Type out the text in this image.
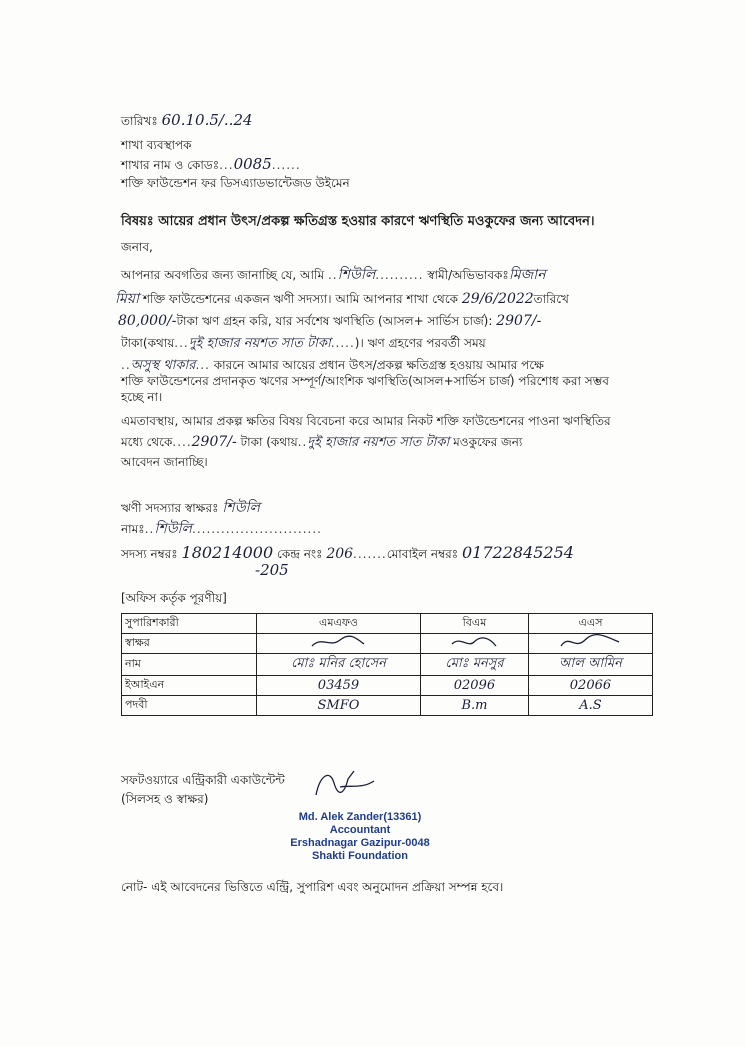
তারিখঃ 60.10.5/..24
শাখা ব্যবস্থাপক
শাখার নাম ও কোডঃ...0085......
শক্তি ফাউন্ডেশন ফর ডিসএ্যাডভান্টেজড উইমেন
বিষয়ঃ আয়ের প্রধান উৎস/প্রকল্প ক্ষতিগ্রস্ত হওয়ার কারণে ঋণস্থিতি মওকুফের জন্য আবেদন।
জনাব,
আপনার অবগতির জন্য জানাচ্ছি যে, আমি ..শিউলি.......... স্বামী/অভিভাবকঃমিজান
মিয়া শক্তি ফাউন্ডেশনের একজন ঋণী সদস্যা। আমি আপনার শাখা থেকে 29/6/2022তারিখে
80,000/-টাকা ঋণ গ্রহন করি, যার সর্বশেষ ঋণস্থিতি (আসল+ সার্ভিস চার্জ): 2907/-
টাকা(কথায়...দুই হাজার নয়শত সাত টাকা.....)। ঋণ গ্রহণের পরবর্তী সময়
..অসুস্থ থাকার... কারনে আমার আয়ের প্রধান উৎস/প্রকল্প ক্ষতিগ্রস্ত হওয়ায় আমার পক্ষে
শক্তি ফাউন্ডেশনের প্রদানকৃত ঋণের সম্পূর্ণ/আংশিক ঋণস্থিতি(আসল+সার্ভিস চার্জ) পরিশোধ করা সম্ভব
হচ্ছে না।
এমতাবস্থায়, আমার প্রকল্প ক্ষতির বিষয় বিবেচনা করে আমার নিকট শক্তি ফাউন্ডেশনের পাওনা ঋণস্থিতির
মধ্যে থেকে....2907/- টাকা (কথায়..দুই হাজার নয়শত সাত টাকা মওকুফের জন্য
আবেদন জানাচ্ছি।
ঋণী সদস্যার স্বাক্ষরঃ শিউলি
নামঃ..শিউলি...........................
সদস্য নম্বরঃ 180214000 কেন্দ্র নংঃ 206.......মোবাইল নম্বরঃ 01722845254
-205
[অফিস কর্তৃক পূরণীয়]
সুপারিশকারী	এমএফও	বিএম	এএস
স্বাক্ষর			
নাম	মোঃ মনির হোসেন	মোঃ মনসুর	আল আমিন
ইআইএন	03459	02096	02066
পদবী	SMFO	B.m	A.S
সফটওয়্যারে এন্ট্রিকারী একাউন্টেন্ট
(সিলসহ ও স্বাক্ষর)
Md. Alek Zander(13361)
Accountant
Ershadnagar Gazipur-0048
Shakti Foundation
নোট- এই আবেদনের ভিত্তিতে এন্ট্রি, সুপারিশ এবং অনুমোদন প্রক্রিয়া সম্পন্ন হবে।
